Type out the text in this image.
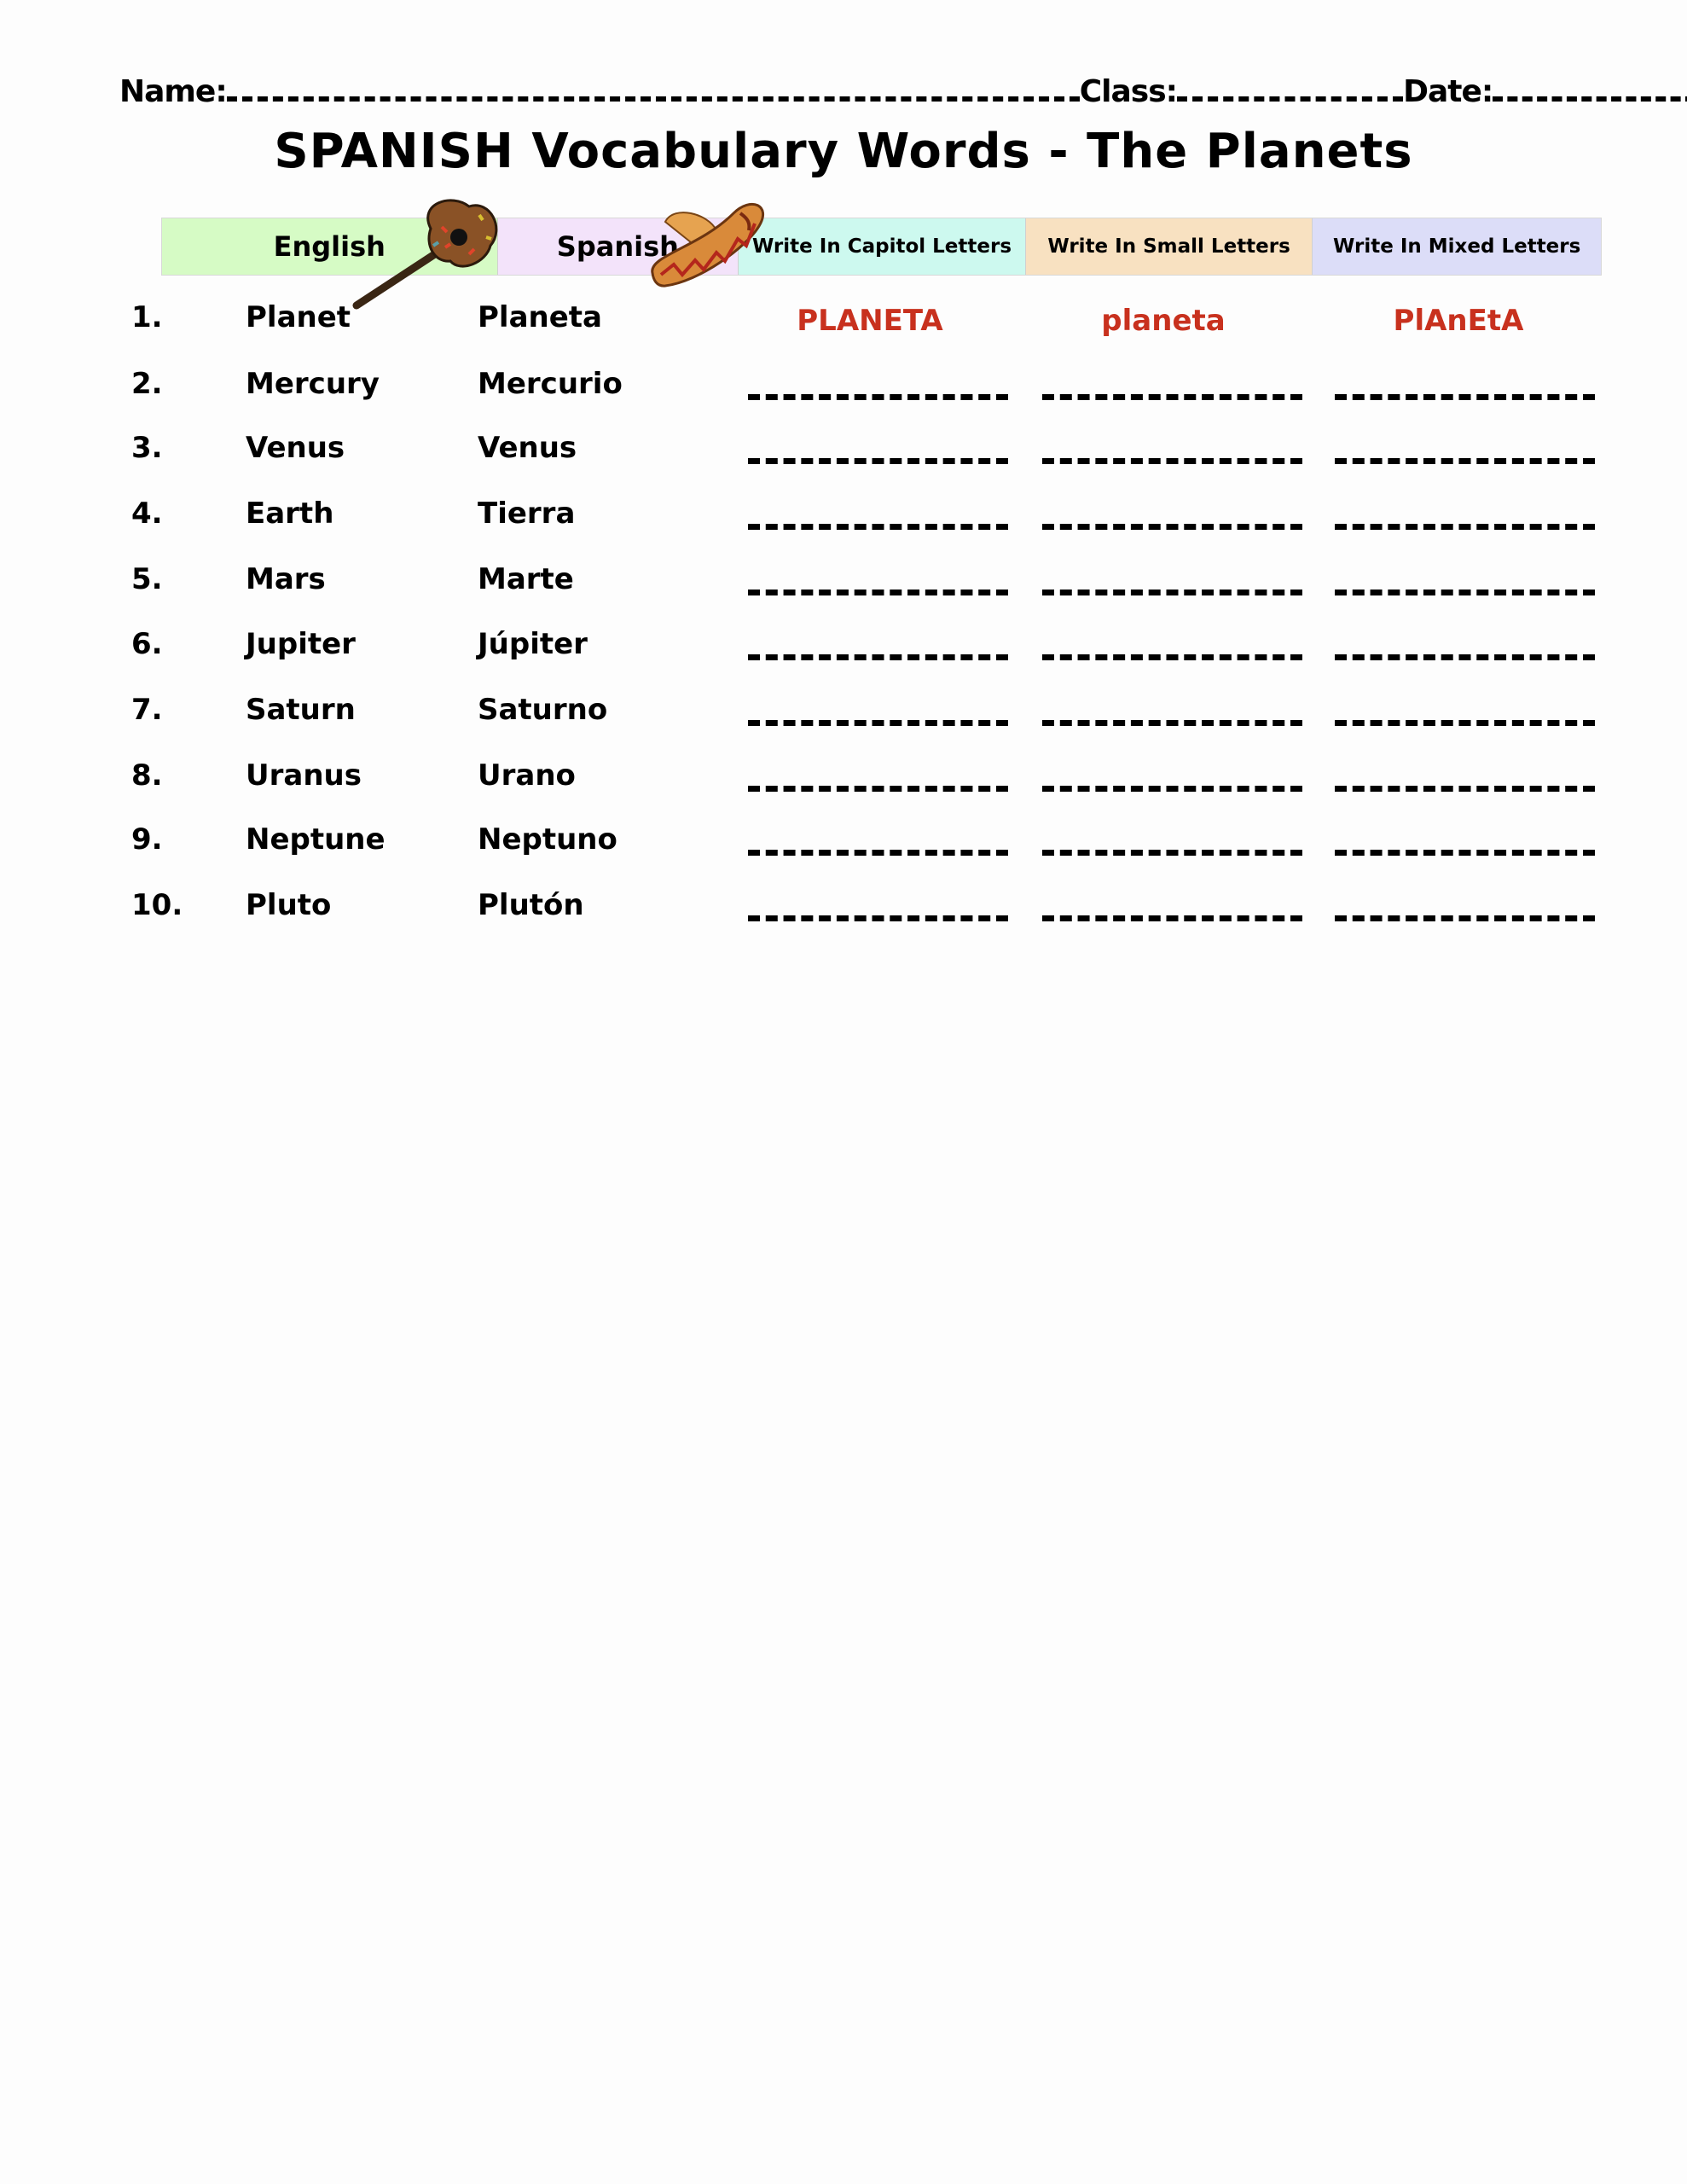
Name:	Class:	Date:
SPANISH Vocabulary Words - The Planets
English	Spanish	Write In Capitol Letters	Write In Small Letters	Write In Mixed Letters
1.	Planet	Planeta	PLANETA	planeta	PlAnEtA
2.	Mercury	Mercurio
3.	Venus	Venus
4.	Earth	Tierra
5.	Mars	Marte
6.	Jupiter	Júpiter
7.	Saturn	Saturno
8.	Uranus	Urano
9.	Neptune	Neptuno
10. Pluto	Plutón
